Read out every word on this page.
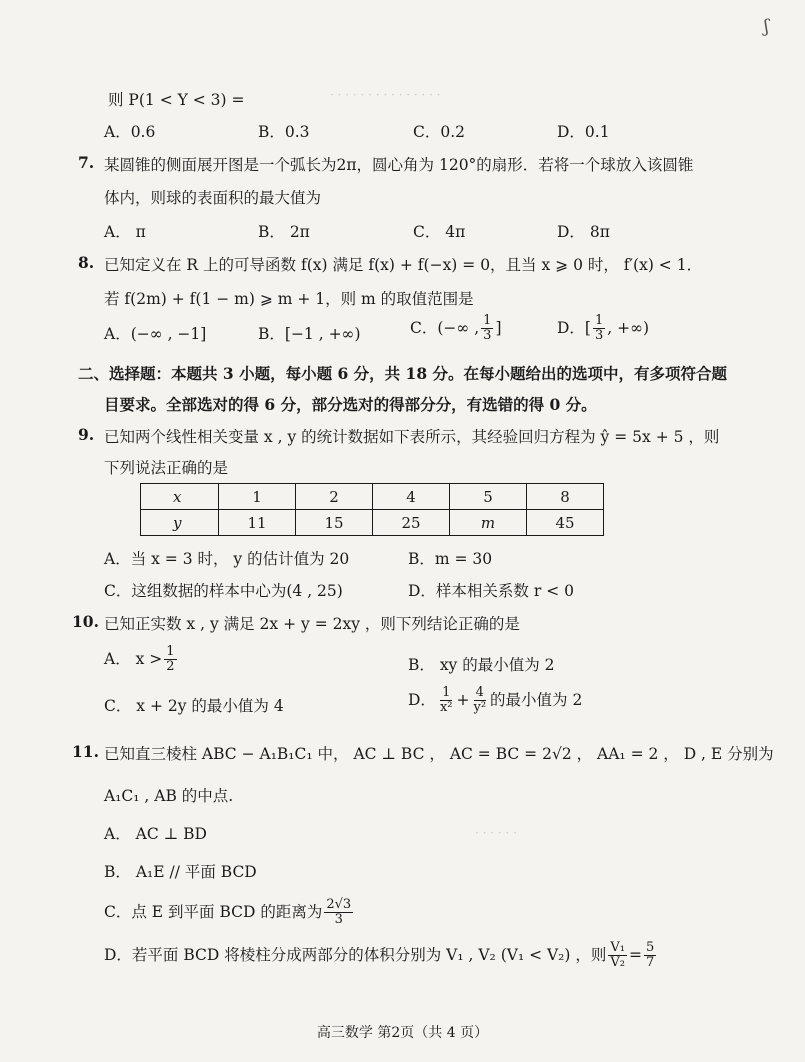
ʃ
· · · · · · · · · · · · · · ·
则 P(1 < Y < 3) =
A．0.6	B．0.3	C．0.2	D．0.1
7. 某圆锥的侧面展开图是一个弧长为2π，圆心角为 120°的扇形．若将一个球放入该圆锥
体内，则球的表面积的最大值为
A． π	B． 2π	C． 4π	D． 8π
8. 已知定义在 R 上的可导函数 f(x) 满足 f(x) + f(−x) = 0，且当 x ⩾ 0 时， f′(x) < 1．
若 f(2m) + f(1 − m) ⩾ m + 1，则 m 的取值范围是
A．(−∞ , −1]	B．[−1 , +∞)	C．(−∞ , $\frac{1}{3}$ ]	D．[ $\frac{1}{3}$ , +∞)
二、选择题：本题共 3 小题，每小题 6 分，共 18 分。在每小题给出的选项中，有多项符合题
目要求。全部选对的得 6 分，部分选对的得部分分，有选错的得 0 分。
9. 已知两个线性相关变量 x , y 的统计数据如下表所示，其经验回归方程为 ŷ = 5x + 5 ，则
下列说法正确的是
x	1	2	4	5	8
y	11	15	25	m	45
A．当 x = 3 时， y 的估计值为 20	B．m = 30
C．这组数据的样本中心为(4 , 25)	D．样本相关系数 r < 0
10. 已知正实数 x , y 满足 2x + y = 2xy ，则下列结论正确的是
A． $x > \frac{1}{2}$	B． xy 的最小值为 2
C． x + 2y 的最小值为 4	D． $\frac{1}{\text{x²}} + \frac{4}{\text{y²}}$ 的最小值为 2
11. 已知直三棱柱 ABC − A₁B₁C₁ 中， AC ⊥ BC ， AC = BC = 2√2 ， AA₁ = 2 ， D , E 分别为
A₁C₁ , AB 的中点.
A． AC ⊥ BD	· · · · · ·
B． A₁E // 平面 BCD
C．点 E 到平面 BCD 的距离为 $\frac{2√3}{3}$
D．若平面 BCD 将棱柱分成两部分的体积分别为 V₁ , V₂ (V₁ < V₂) ，则 $\frac{\text{V₁}}{\text{V₂}} = \frac{5}{7}$
高三数学 第2页（共 4 页）
